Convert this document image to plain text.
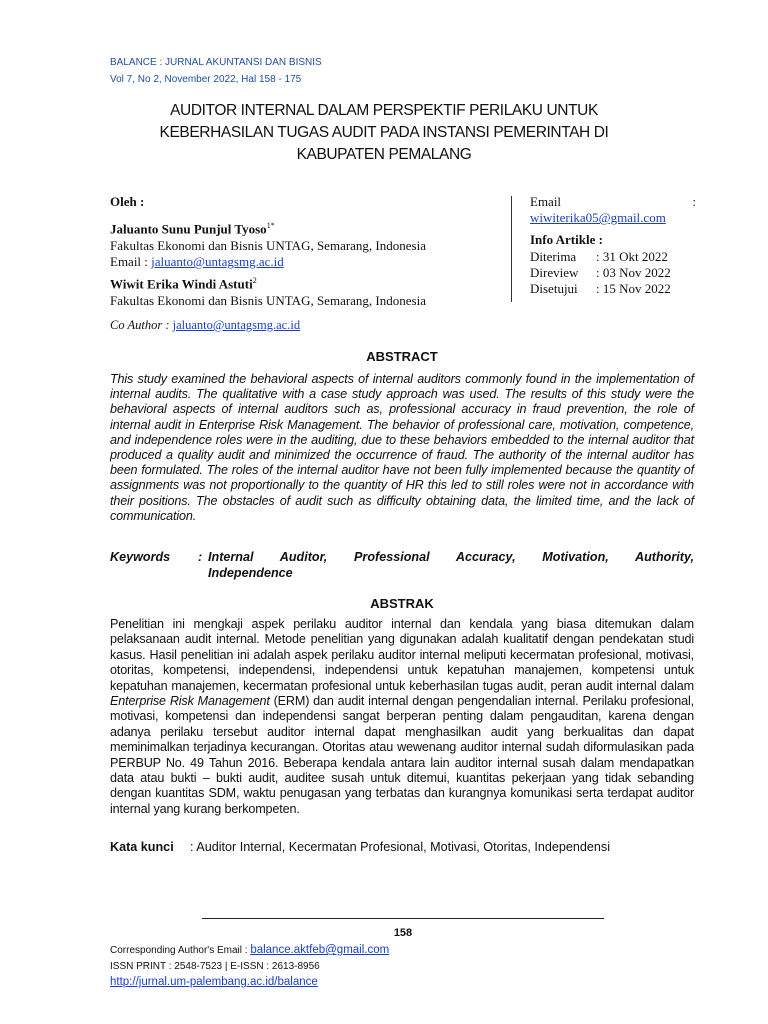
BALANCE : JURNAL AKUNTANSI DAN BISNIS
Vol 7, No 2, November 2022, Hal 158 - 175
AUDITOR INTERNAL DALAM PERSPEKTIF PERILAKU UNTUK
KEBERHASILAN TUGAS AUDIT PADA INSTANSI PEMERINTAH DI
KABUPATEN PEMALANG
Oleh :
Jaluanto Sunu Punjul Tyoso$^{1*}$
Fakultas Ekonomi dan Bisnis UNTAG, Semarang, Indonesia
Email : jaluanto@untagsmg.ac.id
Wiwit Erika Windi Astuti$^2$
Fakultas Ekonomi dan Bisnis UNTAG, Semarang, Indonesia
Email	:
wiwiterika05@gmail.com
Info Artikle :
Diterima	: 31 Okt 2022
Direview	: 03 Nov 2022
Disetujui	: 15 Nov 2022
Co Author : jaluanto@untagsmg.ac.id
ABSTRACT
This study examined the behavioral aspects of internal auditors commonly found in the implementation of internal audits. The qualitative with a case study approach was used. The results of this study were the behavioral aspects of internal auditors such as, professional accuracy in fraud prevention, the role of internal audit in Enterprise Risk Management. The behavior of professional care, motivation, competence, and independence roles were in the auditing, due to these behaviors embedded to the internal auditor that produced a quality audit and minimized the occurrence of fraud. The authority of the internal auditor has been formulated. The roles of the internal auditor have not been fully implemented because the quantity of assignments was not proportionally to the quantity of HR this led to still roles were not in accordance with their positions. The obstacles of audit such as difficulty obtaining data, the limited time, and the lack of communication.
Keywords	: Internal Auditor, Professional Accuracy, Motivation, Authority,
Independence
ABSTRAK
Penelitian ini mengkaji aspek perilaku auditor internal dan kendala yang biasa ditemukan dalam pelaksanaan audit internal. Metode penelitian yang digunakan adalah kualitatif dengan pendekatan studi kasus. Hasil penelitian ini adalah aspek perilaku auditor internal meliputi kecermatan profesional, motivasi, otoritas, kompetensi, independensi, independensi untuk kepatuhan manajemen, kompetensi untuk kepatuhan manajemen, kecermatan profesional untuk keberhasilan tugas audit, peran audit internal dalam Enterprise Risk Management (ERM) dan audit internal dengan pengendalian internal. Perilaku profesional, motivasi, kompetensi dan independensi sangat berperan penting dalam pengauditan, karena dengan adanya perilaku tersebut auditor internal dapat menghasilkan audit yang berkualitas dan dapat meminimalkan terjadinya kecurangan. Otoritas atau wewenang auditor internal sudah diformulasikan pada PERBUP No. 49 Tahun 2016. Beberapa kendala antara lain auditor internal susah dalam mendapatkan data atau bukti – bukti audit, auditee susah untuk ditemui, kuantitas pekerjaan yang tidak sebanding dengan kuantitas SDM, waktu penugasan yang terbatas dan kurangnya komunikasi serta terdapat auditor internal yang kurang berkompeten.
Kata kunci	: Auditor Internal, Kecermatan Profesional, Motivasi, Otoritas, Independensi
158
Corresponding Author's Email : balance.aktfeb@gmail.com
ISSN PRINT : 2548-7523 | E-ISSN : 2613-8956
http://jurnal.um-palembang.ac.id/balance
